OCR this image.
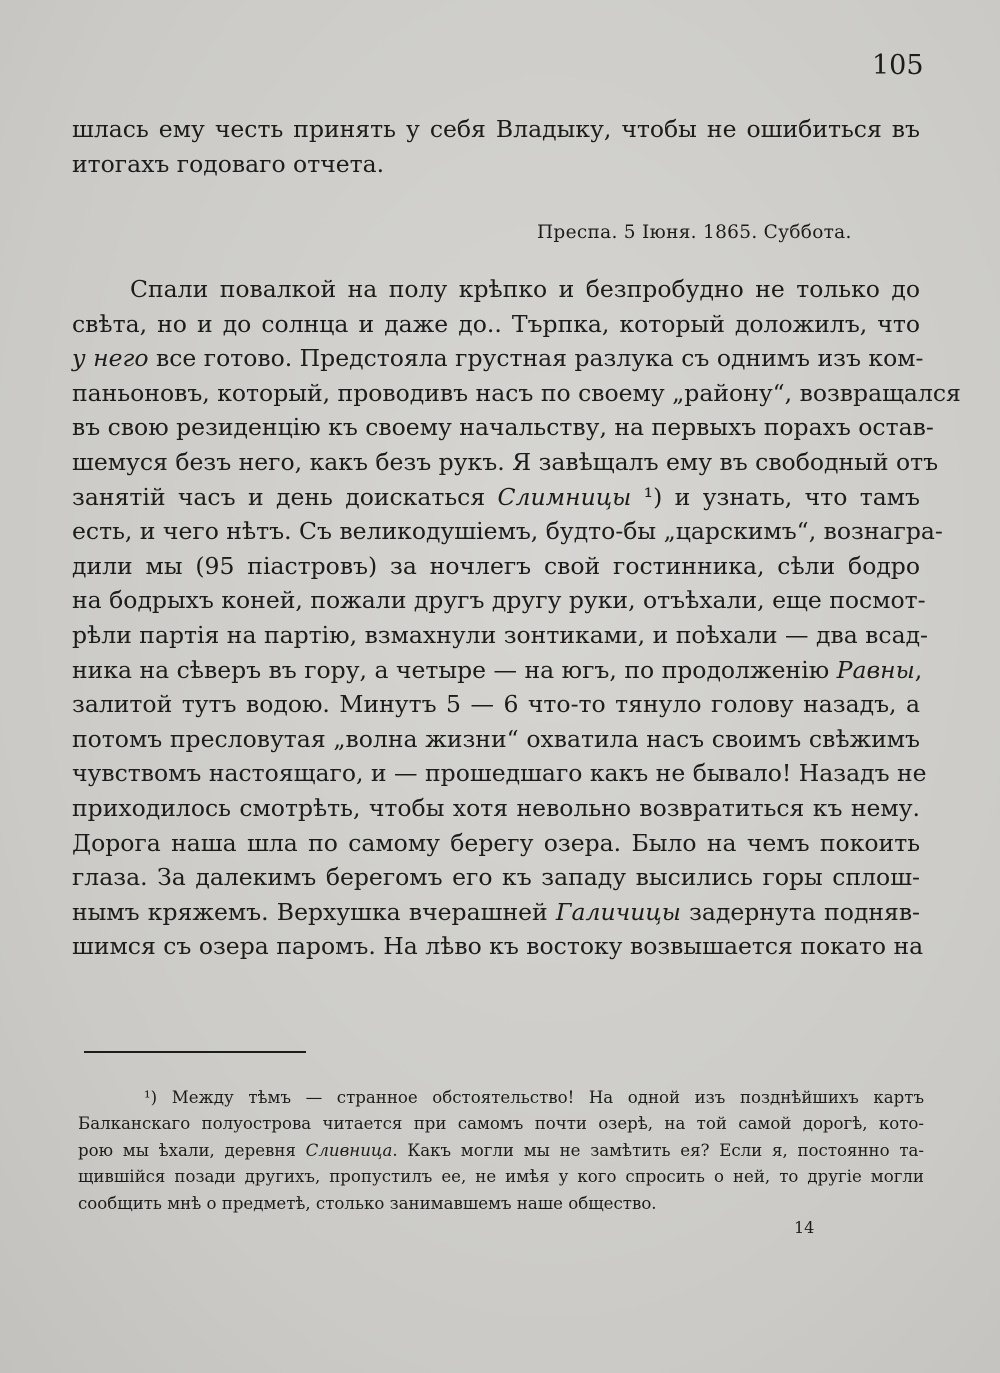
105
шлась ему честь принять у себя Владыку, чтобы не ошибиться въ
итогахъ годоваго отчета.
Преспа. 5 Іюня. 1865. Суббота.
Спали повалкой на полу крѣпко и безпробудно не только до
свѣта, но и до солнца и даже до.. Търпка, который доложилъ, что
у него все готово. Предстояла грустная разлука съ однимъ изъ ком-
паньоновъ, который, проводивъ насъ по своему „району“, возвращался
въ свою резиденцію къ своему начальству, на первыхъ порахъ остав-
шемуся безъ него, какъ безъ рукъ. Я завѣщалъ ему въ свободный отъ
занятій часъ и день доискаться Слимницы ¹) и узнать, что тамъ
есть, и чего нѣтъ. Съ великодушіемъ, будто-бы „царскимъ“, вознагра-
дили мы (95 піастровъ) за ночлегъ свой гостинника, сѣли бодро
на бодрыхъ коней, пожали другъ другу руки, отъѣхали, еще посмот-
рѣли партія на партію, взмахнули зонтиками, и поѣхали — два всад-
ника на сѣверъ въ гору, а четыре — на югъ, по продолженію Равны,
залитой тутъ водою. Минутъ 5 — 6 что-то тянуло голову назадъ, а
потомъ пресловутая „волна жизни“ охватила насъ своимъ свѣжимъ
чувствомъ настоящаго, и — прошедшаго какъ не бывало! Назадъ не
приходилось смотрѣть, чтобы хотя невольно возвратиться къ нему.
Дорога наша шла по самому берегу озера. Было на чемъ покоить
глаза. За далекимъ берегомъ его къ западу высились горы сплош-
нымъ кряжемъ. Верхушка вчерашней Галичицы задернута подняв-
шимся съ озера паромъ. На лѣво къ востоку возвышается покато на
¹) Между тѣмъ — странное обстоятельство! На одной изъ позднѣйшихъ картъ
Балканскаго полуострова читается при самомъ почти озерѣ, на той самой дорогѣ, кото-
рою мы ѣхали, деревня Сливница. Какъ могли мы не замѣтить ея? Если я, постоянно та-
щившійся позади другихъ, пропустилъ ее, не имѣя у кого спросить о ней, то другіе могли
сообщить мнѣ о предметѣ, столько занимавшемъ наше общество.
14
